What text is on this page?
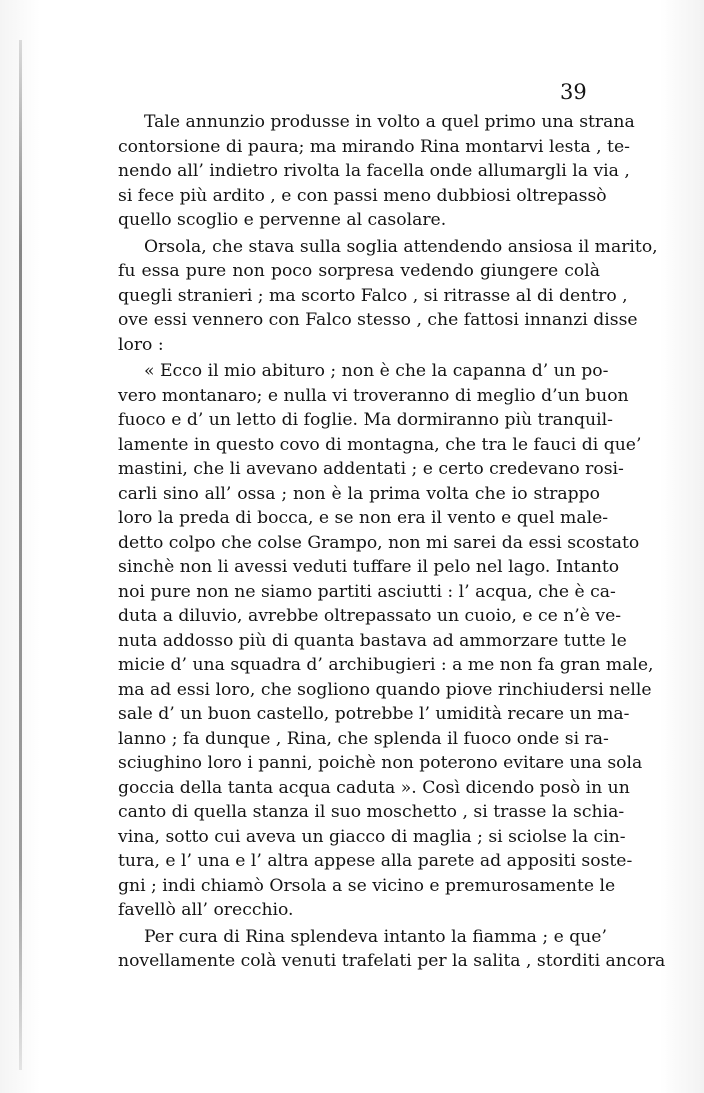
39
Tale annunzio produsse in volto a quel primo una strana
contorsione di paura; ma mirando Rina montarvi lesta , te-
nendo all’ indietro rivolta la facella onde allumargli la via ,
si fece più ardito , e con passi meno dubbiosi oltrepassò
quello scoglio e pervenne al casolare.
Orsola, che stava sulla soglia attendendo ansiosa il marito,
fu essa pure non poco sorpresa vedendo giungere colà
quegli stranieri ; ma scorto Falco , si ritrasse al di dentro ,
ove essi vennero con Falco stesso , che fattosi innanzi disse
loro :
« Ecco il mio abituro ; non è che la capanna d’ un po-
vero montanaro; e nulla vi troveranno di meglio d’un buon
fuoco e d’ un letto di foglie. Ma dormiranno più tranquil-
lamente in questo covo di montagna, che tra le fauci di que’
mastini, che li avevano addentati ; e certo credevano rosi-
carli sino all’ ossa ; non è la prima volta che io strappo
loro la preda di bocca, e se non era il vento e quel male-
detto colpo che colse Grampo, non mi sarei da essi scostato
sinchè non li avessi veduti tuffare il pelo nel lago. Intanto
noi pure non ne siamo partiti asciutti : l’ acqua, che è ca-
duta a diluvio, avrebbe oltrepassato un cuoio, e ce n’è ve-
nuta addosso più di quanta bastava ad ammorzare tutte le
micie d’ una squadra d’ archibugieri : a me non fa gran male,
ma ad essi loro, che sogliono quando piove rinchiudersi nelle
sale d’ un buon castello, potrebbe l’ umidità recare un ma-
lanno ; fa dunque , Rina, che splenda il fuoco onde si ra-
sciughino loro i panni, poichè non poterono evitare una sola
goccia della tanta acqua caduta ». Così dicendo posò in un
canto di quella stanza il suo moschetto , si trasse la schia-
vina, sotto cui aveva un giacco di maglia ; si sciolse la cin-
tura, e l’ una e l’ altra appese alla parete ad appositi soste-
gni ; indi chiamò Orsola a se vicino e premurosamente le
favellò all’ orecchio.
Per cura di Rina splendeva intanto la fiamma ; e que’
novellamente colà venuti trafelati per la salita , storditi ancora
